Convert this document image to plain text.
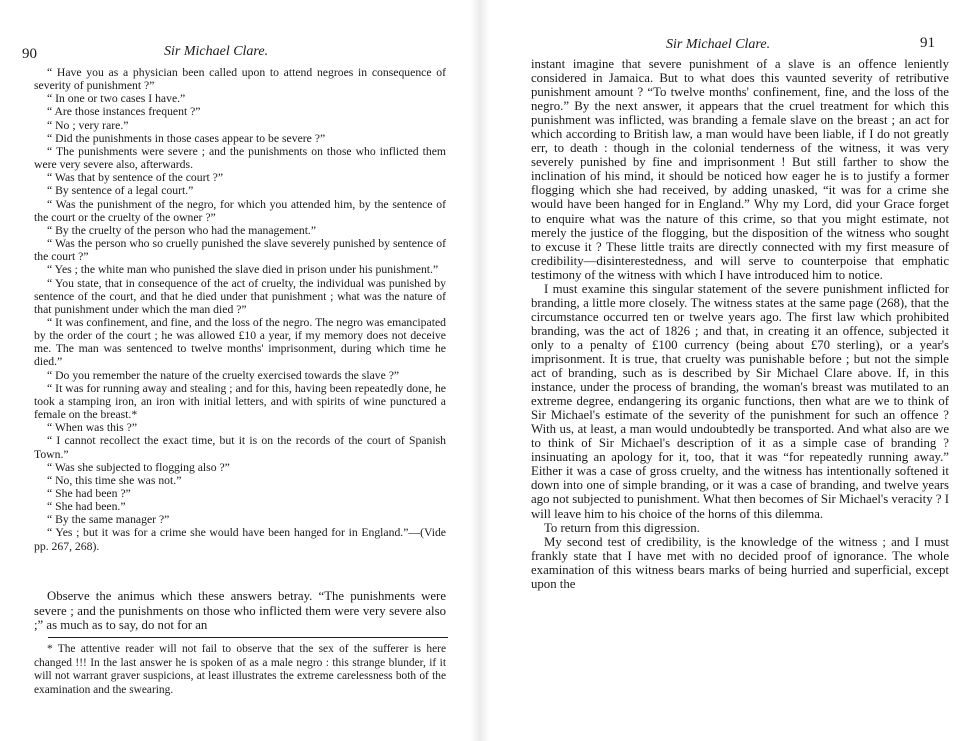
90	Sir Michael Clare.

“ Have you as a physician been called upon to attend negroes in consequence of severity of punishment ?”

“ In one or two cases I have.”

“ Are those instances frequent ?”

“ No ; very rare.”

“ Did the punishments in those cases appear to be severe ?”

“ The punishments were severe ; and the punishments on those who inflicted them were very severe also, afterwards.

“ Was that by sentence of the court ?”

“ By sentence of a legal court.”

“ Was the punishment of the negro, for which you attended him, by the sentence of the court or the cruelty of the owner ?”

“ By the cruelty of the person who had the management.”

“ Was the person who so cruelly punished the slave severely punished by sentence of the court ?”

“ Yes ; the white man who punished the slave died in prison under his punishment.”

“ You state, that in consequence of the act of cruelty, the individual was punished by sentence of the court, and that he died under that punishment ; what was the nature of that punishment under which the man died ?”

“ It was confinement, and fine, and the loss of the negro. The negro was emancipated by the order of the court ; he was allowed £10 a year, if my memory does not deceive me. The man was sentenced to twelve months' imprisonment, during which time he died.”

“ Do you remember the nature of the cruelty exercised towards the slave ?”

“ It was for running away and stealing ; and for this, having been repeatedly done, he took a stamping iron, an iron with initial letters, and with spirits of wine punctured a female on the breast.*

“ When was this ?”

“ I cannot recollect the exact time, but it is on the records of the court of Spanish Town.”

“ Was she subjected to flogging also ?”

“ No, this time she was not.”

“ She had been ?”

“ She had been.”

“ By the same manager ?”

“ Yes ; but it was for a crime she would have been hanged for in England.”—(Vide pp. 267, 268).

Observe the animus which these answers betray. “The punishments were severe ; and the punishments on those who inflicted them were very severe also ;” as much as to say, do not for an

* The attentive reader will not fail to observe that the sex of the sufferer is here changed !!! In the last answer he is spoken of as a male negro : this strange blunder, if it will not warrant graver suspicions, at least illustrates the extreme carelessness both of the examination and the swearing.

Sir Michael Clare.	91

instant imagine that severe punishment of a slave is an offence leniently considered in Jamaica. But to what does this vaunted severity of retributive punishment amount ? “To twelve months' confinement, fine, and the loss of the negro.” By the next answer, it appears that the cruel treatment for which this punishment was inflicted, was branding a female slave on the breast ; an act for which according to British law, a man would have been liable, if I do not greatly err, to death : though in the colonial tenderness of the witness, it was very severely punished by fine and imprisonment ! But still farther to show the inclination of his mind, it should be noticed how eager he is to justify a former flogging which she had received, by adding unasked, “it was for a crime she would have been hanged for in England.” Why my Lord, did your Grace forget to enquire what was the nature of this crime, so that you might estimate, not merely the justice of the flogging, but the disposition of the witness who sought to excuse it ? These little traits are directly connected with my first measure of credibility—disinterestedness, and will serve to counterpoise that emphatic testimony of the witness with which I have introduced him to notice.

I must examine this singular statement of the severe punishment inflicted for branding, a little more closely. The witness states at the same page (268), that the circumstance occurred ten or twelve years ago. The first law which prohibited branding, was the act of 1826 ; and that, in creating it an offence, subjected it only to a penalty of £100 currency (being about £70 sterling), or a year's imprisonment. It is true, that cruelty was punishable before ; but not the simple act of branding, such as is described by Sir Michael Clare above. If, in this instance, under the process of branding, the woman's breast was mutilated to an extreme degree, endangering its organic functions, then what are we to think of Sir Michael's estimate of the severity of the punishment for such an offence ? With us, at least, a man would undoubtedly be transported. And what also are we to think of Sir Michael's description of it as a simple case of branding ? insinuating an apology for it, too, that it was “for repeatedly running away.” Either it was a case of gross cruelty, and the witness has intentionally softened it down into one of simple branding, or it was a case of branding, and twelve years ago not subjected to punishment. What then becomes of Sir Michael's veracity ? I will leave him to his choice of the horns of this dilemma.

To return from this digression.

My second test of credibility, is the knowledge of the witness ; and I must frankly state that I have met with no decided proof of ignorance. The whole examination of this witness bears marks of being hurried and superficial, except upon the
